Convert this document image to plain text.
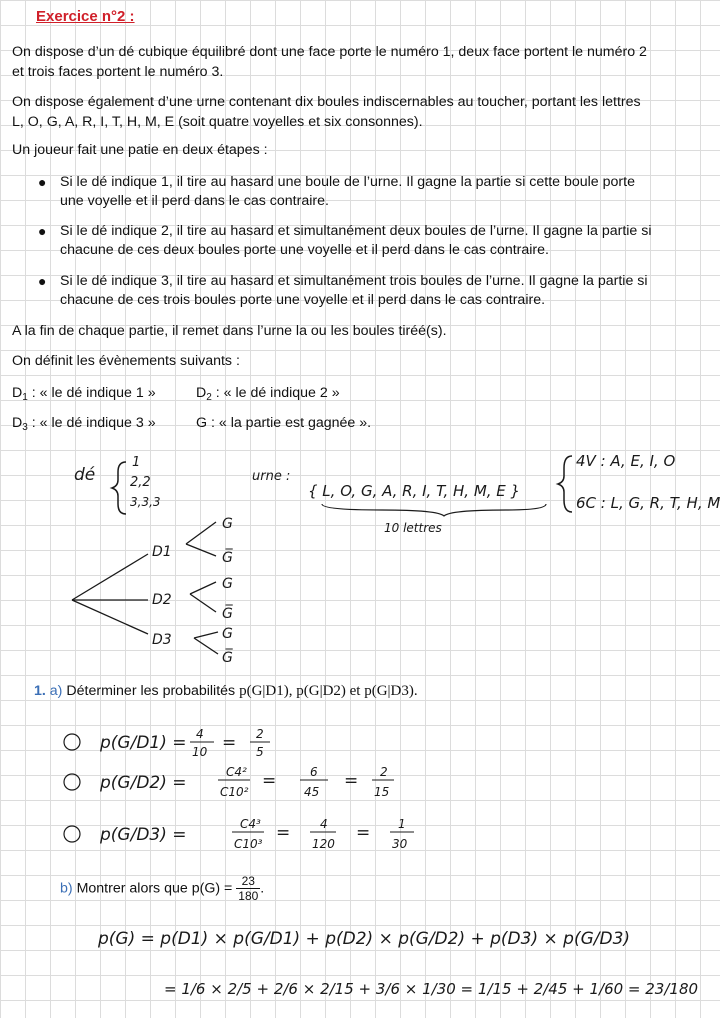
Exercice n°2 :
On dispose d’un dé cubique équilibré dont une face porte le numéro 1, deux face portent le numéro 2
et trois faces portent le numéro 3.
On dispose également d’une urne contenant dix boules indiscernables au toucher, portant les lettres
L, O, G, A, R, I, T, H, M, E (soit quatre voyelles et six consonnes).
Un joueur fait une patie en deux étapes :
● Si le dé indique 1, il tire au hasard une boule de l’urne. Il gagne la partie si cette boule porte
une voyelle et il perd dans le cas contraire.
● Si le dé indique 2, il tire au hasard et simultanément deux boules de l’urne. Il gagne la partie si
chacune de ces deux boules porte une voyelle et il perd dans le cas contraire.
● Si le dé indique 3, il tire au hasard et simultanément trois boules de l’urne. Il gagne la partie si
chacune de ces trois boules porte une voyelle et il perd dans le cas contraire.
A la fin de chaque partie, il remet dans l’urne la ou les boules tiréé(s).
On définit les évènements suivants :
$D_1$ : « le dé indique 1 »	$D_2$ : « le dé indique 2 »
$D_3$ : « le dé indique 3 »	G : « la partie est gagnée ».
dé
1
2,2
3,3,3
urne :
{ L, O, G, A, R, I, T, H, M, E }
10 lettres
4V : A, E, I, O
6C : L, G, R, T, H, M
D1
D2
D3
G
G̅
G
G̅
G
G̅
1. a) Déterminer les probabilités p(G|D1), p(G|D2) et p(G|D3).
p(G/D1) = 4
10 = 2
5
p(G/D2) =
C4²
C10²
=	6
45
= 2
15
p(G/D3) =
C4³
C10³
= 4
120
= 1
30
b) Montrer alors que $p(G) = \frac{23}{180}$ .
p(G) = p(D1) × p(G/D1) + p(D2) × p(G/D2) + p(D3) × p(G/D3)
= 1/6 × 2/5 + 2/6 × 2/15 + 3/6 × 1/30 = 1/15 + 2/45 + 1/60 = 23/180
